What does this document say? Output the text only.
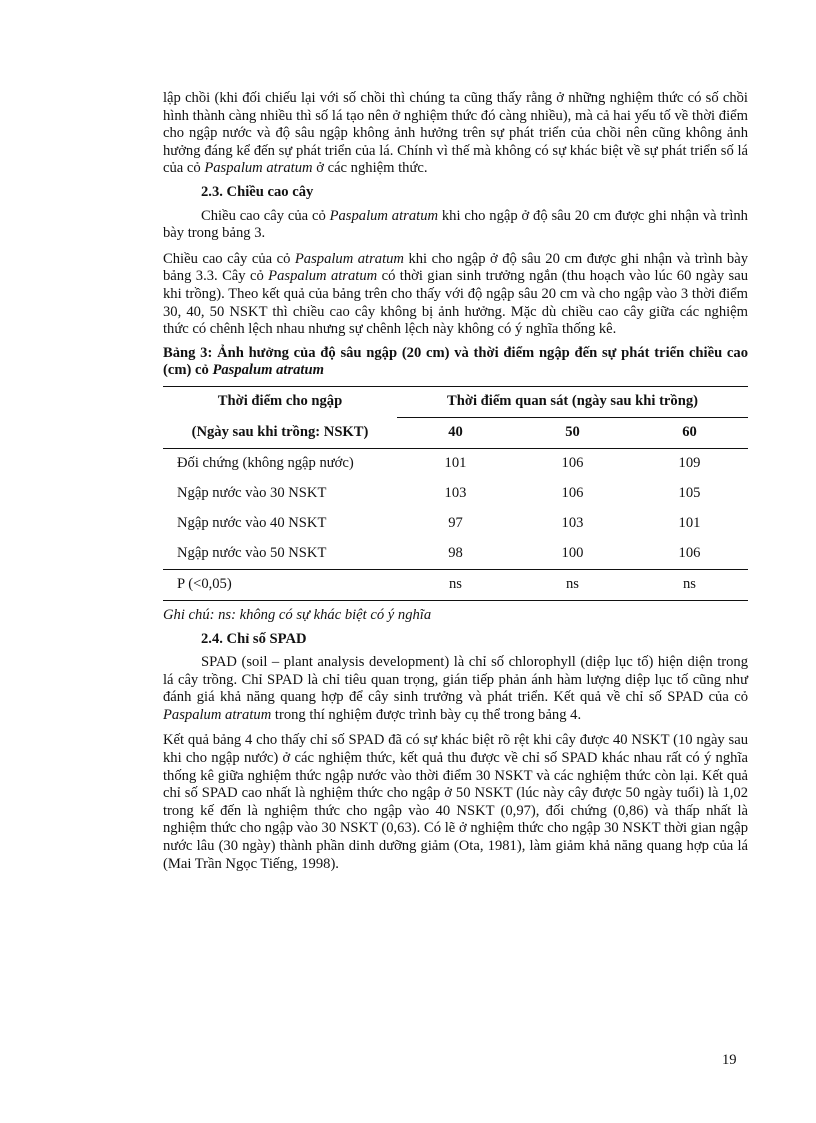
lập chồi (khi đối chiếu lại với số chồi thì chúng ta cũng thấy rằng ở những nghiệm thức có số chồi hình thành càng nhiều thì số lá tạo nên ở nghiệm thức đó càng nhiều), mà cả hai yếu tố về thời điểm cho ngập nước và độ sâu ngập không ảnh hưởng trên sự phát triển của chồi nên cũng không ảnh hưởng đáng kể đến sự phát triển của lá. Chính vì thế mà không có sự khác biệt về sự phát triển số lá của cỏ Paspalum atratum ở các nghiệm thức.

2.3. Chiều cao cây

Chiều cao cây của cỏ Paspalum atratum khi cho ngập ở độ sâu 20 cm được ghi nhận và trình bày trong bảng 3.

Chiều cao cây của cỏ Paspalum atratum khi cho ngập ở độ sâu 20 cm được ghi nhận và trình bày bảng 3.3. Cây cỏ Paspalum atratum có thời gian sinh trưởng ngắn (thu hoạch vào lúc 60 ngày sau khi trồng). Theo kết quả của bảng trên cho thấy với độ ngập sâu 20 cm và cho ngập vào 3 thời điểm 30, 40, 50 NSKT thì chiều cao cây không bị ảnh hưởng. Mặc dù chiều cao cây giữa các nghiệm thức có chênh lệch nhau nhưng sự chênh lệch này không có ý nghĩa thống kê.

Bảng 3: Ảnh hưởng của độ sâu ngập (20 cm) và thời điểm ngập đến sự phát triển chiều cao (cm) cỏ Paspalum atratum

Thời điểm cho ngập	Thời điểm quan sát (ngày sau khi trồng)		
(Ngày sau khi trồng: NSKT)	40	50	60
Đối chứng (không ngập nước)	101	106	109
Ngập nước vào 30 NSKT	103	106	105
Ngập nước vào 40 NSKT	97	103	101
Ngập nước vào 50 NSKT	98	100	106
P (<0,05)	ns	ns	ns

Ghi chú: ns: không có sự khác biệt có ý nghĩa

2.4. Chỉ số SPAD

SPAD (soil – plant analysis development) là chỉ số chlorophyll (diệp lục tố) hiện diện trong lá cây trồng. Chỉ SPAD là chỉ tiêu quan trọng, gián tiếp phản ánh hàm lượng diệp lục tố cũng như đánh giá khả năng quang hợp để cây sinh trưởng và phát triển. Kết quả về chỉ số SPAD của cỏ Paspalum atratum trong thí nghiệm được trình bày cụ thể trong bảng 4.

Kết quả bảng 4 cho thấy chỉ số SPAD đã có sự khác biệt rõ rệt khi cây được 40 NSKT (10 ngày sau khi cho ngập nước) ở các nghiệm thức, kết quả thu được về chỉ số SPAD khác nhau rất có ý nghĩa thống kê giữa nghiệm thức ngập nước vào thời điểm 30 NSKT và các nghiệm thức còn lại. Kết quả chỉ số SPAD cao nhất là nghiệm thức cho ngập ở 50 NSKT (lúc này cây được 50 ngày tuổi) là 1,02 trong kế đến là nghiệm thức cho ngập vào 40 NSKT (0,97), đối chứng (0,86) và thấp nhất là nghiệm thức cho ngập vào 30 NSKT (0,63). Có lẽ ở nghiệm thức cho ngập 30 NSKT thời gian ngập nước lâu (30 ngày) thành phần dinh dưỡng giảm (Ota, 1981), làm giảm khả năng quang hợp của lá (Mai Trần Ngọc Tiếng, 1998).

19
